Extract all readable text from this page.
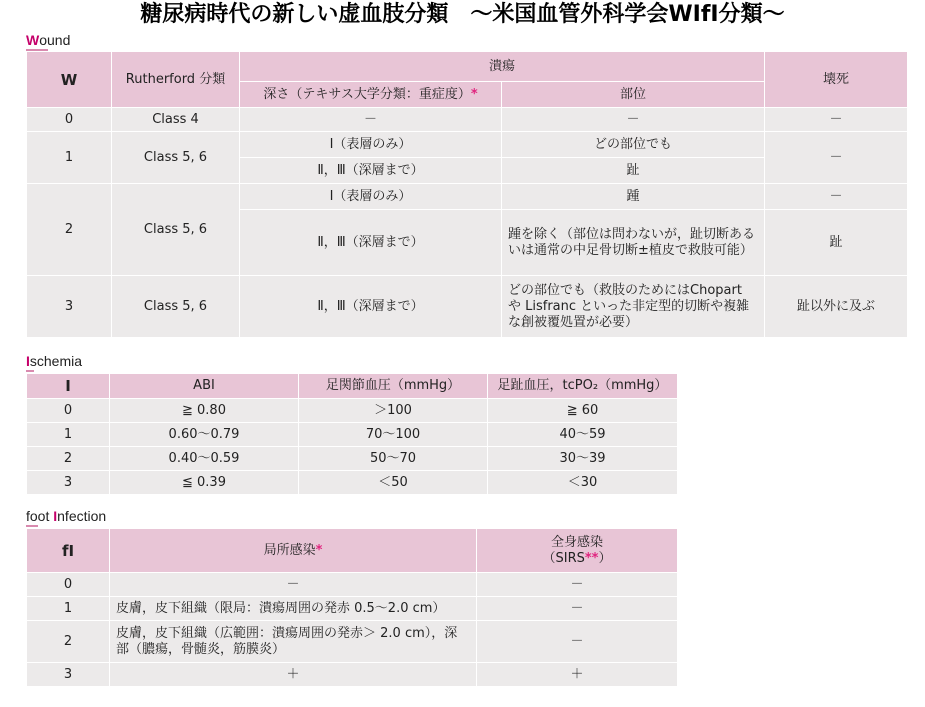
糖尿病時代の新しい虚血肢分類　～米国血管外科学会WIfI分類～
Wound
W	Rutherford 分類	潰瘍		壊死
		深さ（テキサス大学分類：重症度）*	部位	
0	Class 4	－	－	－
1	Class 5, 6	Ⅰ（表層のみ）	どの部位でも	－
		Ⅱ，Ⅲ（深層まで）	趾	
2	Class 5, 6	Ⅰ（表層のみ）	踵	－
		Ⅱ，Ⅲ（深層まで）	踵を除く（部位は問わないが，趾切断あるいは通常の中足骨切断±植皮で救肢可能）	趾
3	Class 5, 6	Ⅱ，Ⅲ（深層まで）	どの部位でも（救肢のためにはChopart や Lisfranc といった非定型的切断や複雑な創被覆処置が必要）	趾以外に及ぶ
Ischemia
I	ABI	足関節血圧（mmHg）	足趾血圧，tcPO₂（mmHg）
0	≧ 0.80	＞100	≧ 60
1	0.60～0.79	70～100	40～59
2	0.40～0.59	50～70	30～39
3	≦ 0.39	＜50	＜30
foot Infection
fI	局所感染*	全身感染
（SIRS**）
0	－	－
1	皮膚，皮下組織（限局：潰瘍周囲の発赤 0.5～2.0 cm）	－
2	皮膚，皮下組織（広範囲：潰瘍周囲の発赤＞ 2.0 cm），深部（膿瘍，骨髄炎，筋膜炎）	－
3	＋	＋
